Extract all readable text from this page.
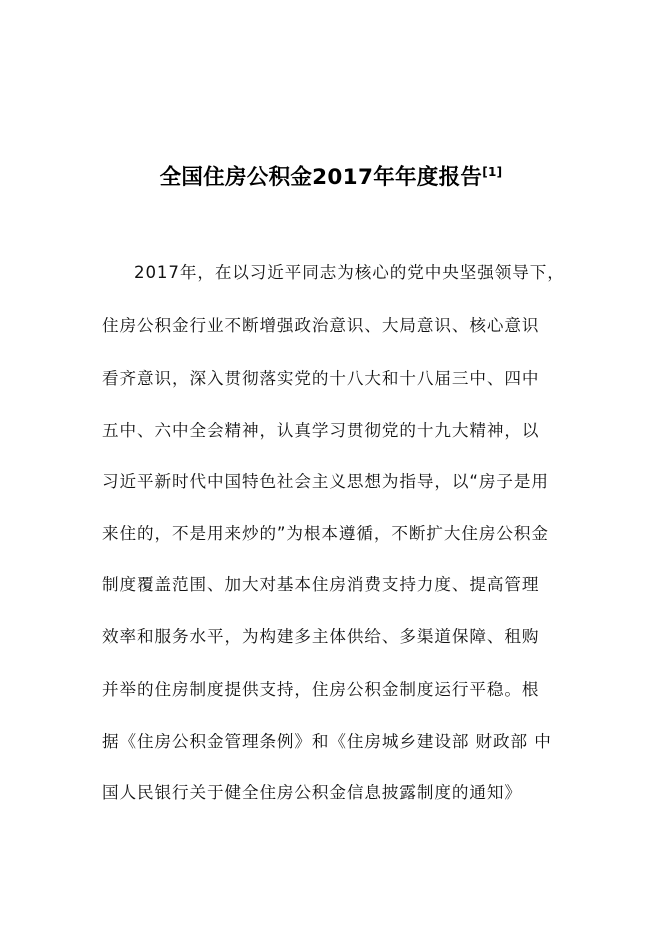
全国住房公积金2017年年度报告[1]
2017年，在以习近平同志为核心的党中央坚强领导下，
住房公积金行业不断增强政治意识、大局意识、核心意识
看齐意识，深入贯彻落实党的十八大和十八届三中、四中
五中、六中全会精神，认真学习贯彻党的十九大精神，以
习近平新时代中国特色社会主义思想为指导，以“房子是用
来住的，不是用来炒的”为根本遵循，不断扩大住房公积金
制度覆盖范围、加大对基本住房消费支持力度、提高管理
效率和服务水平，为构建多主体供给、多渠道保障、租购
并举的住房制度提供支持，住房公积金制度运行平稳。根
据《住房公积金管理条例》和《住房城乡建设部 财政部 中
国人民银行关于健全住房公积金信息披露制度的通知》
